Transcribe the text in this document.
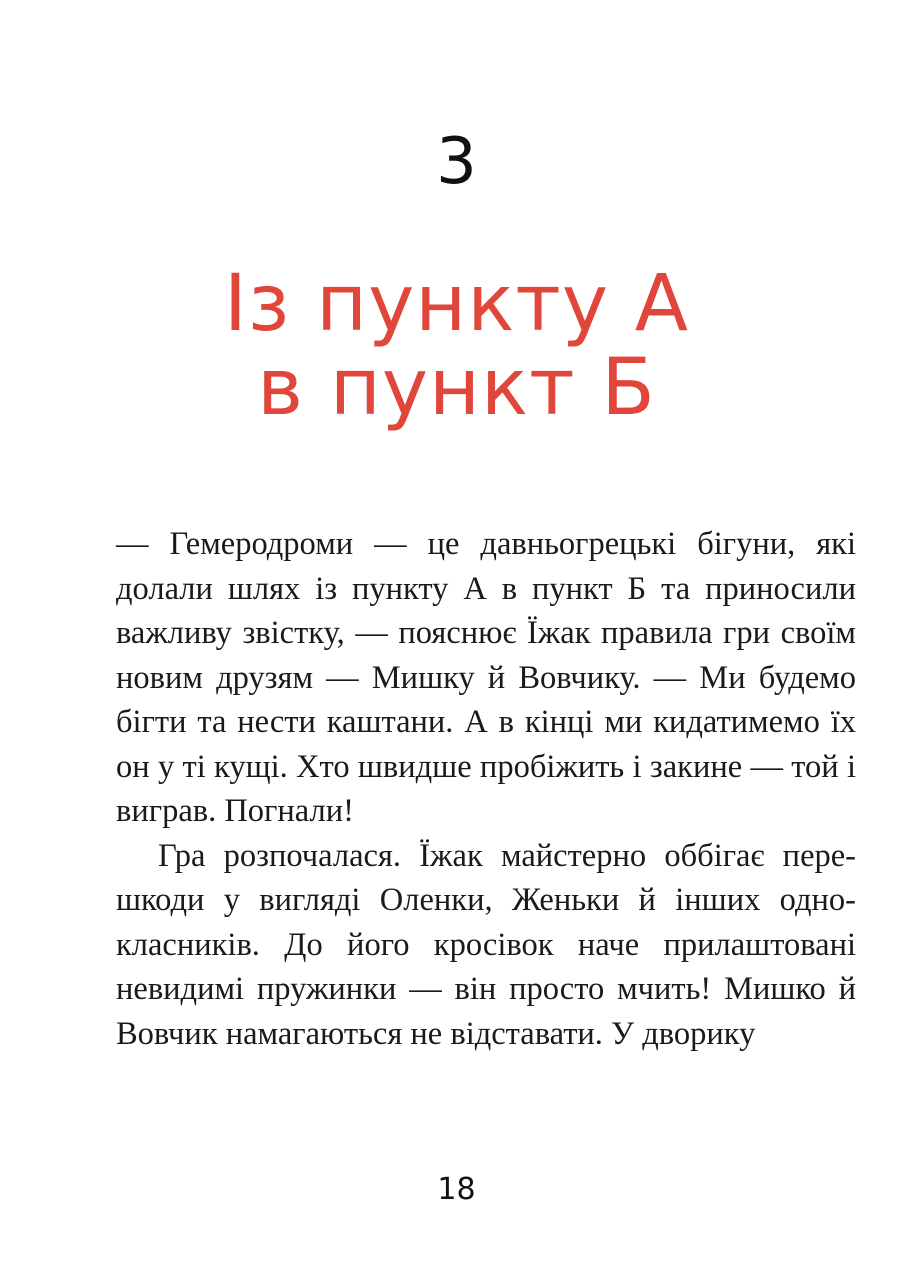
3
Із пункту А
в пункт Б

— Гемеродроми — це давньогрецькі бігуни, які долали шлях із пункту А в пункт Б та приносили важливу звістку, — пояснює Їжак правила гри своїм новим друзям — Мишку й Вовчику. — Ми будемо бігти та нести каштани. А в кінці ми кидатимемо їх он у ті кущі. Хто швидше пробіжить і закине — той і виграв. Погнали!

Гра розпочалася. Їжак майстерно оббігає перешкоди у вигляді Оленки, Женьки й інших однокласників. До його кросівок наче прилаштовані невидимі пружинки — він просто мчить! Мишко й Вовчик намагаються не відставати. У дворику

18
